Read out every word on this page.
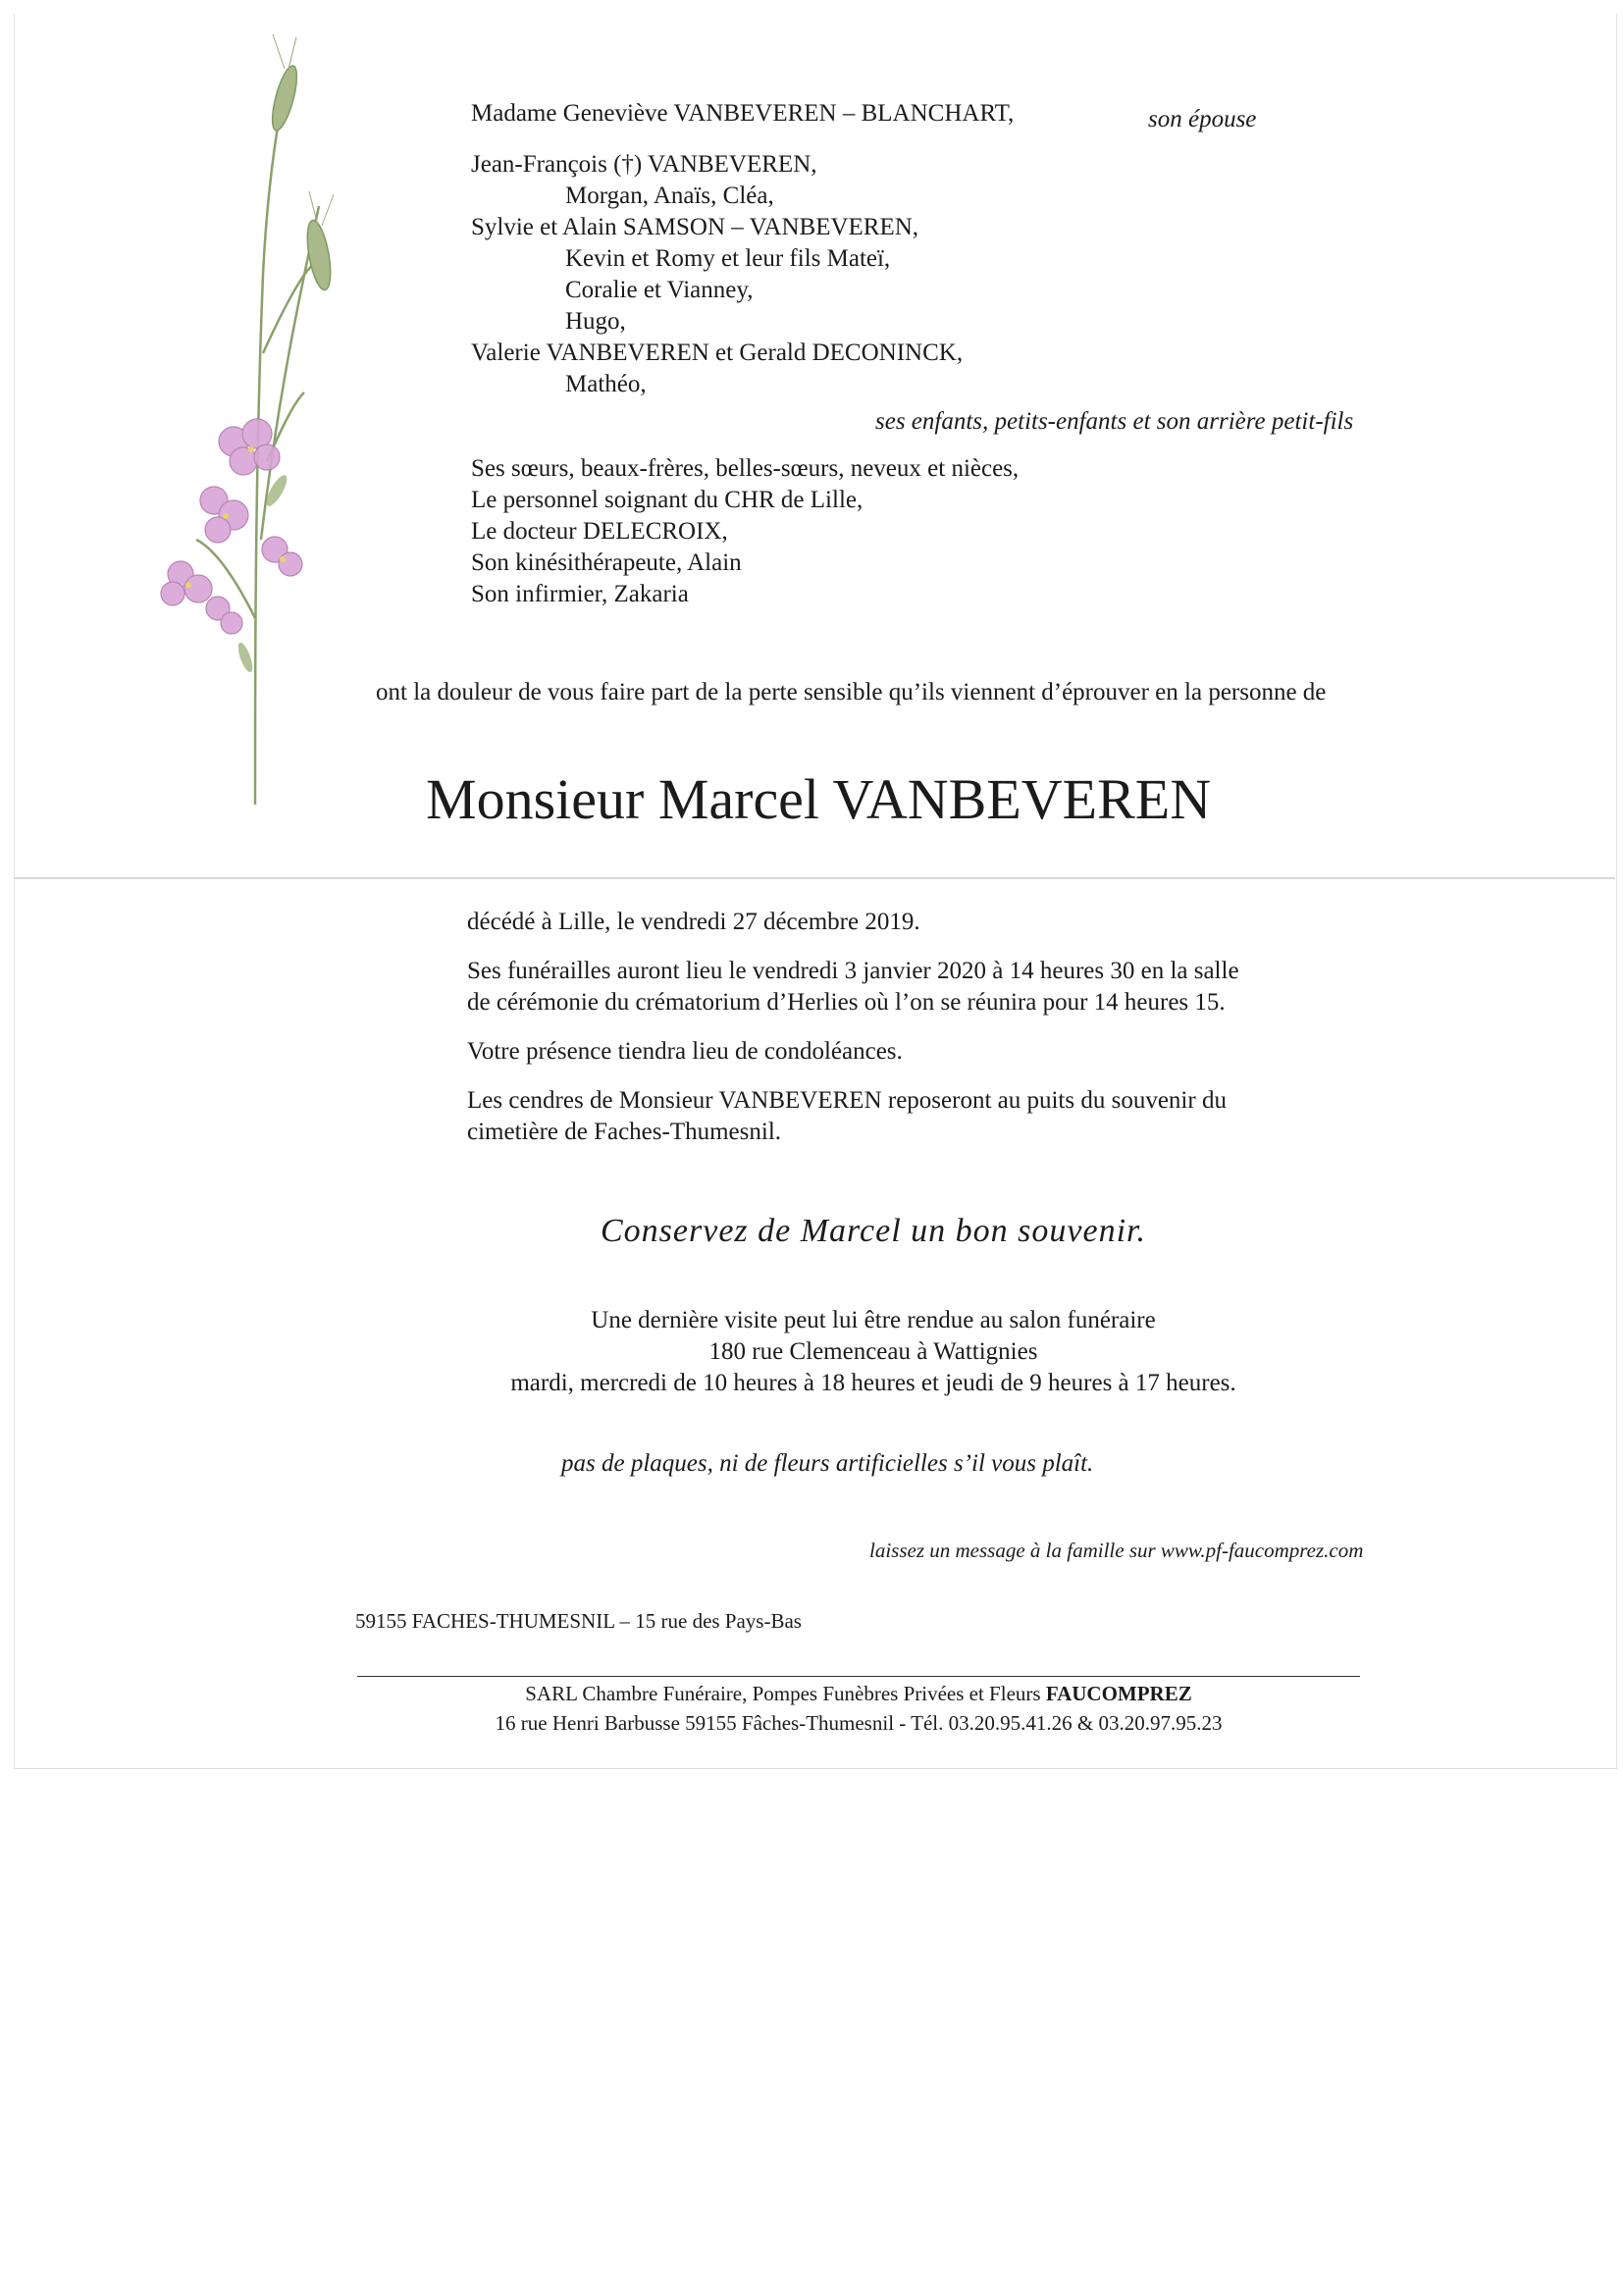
Madame Geneviève VANBEVEREN – BLANCHART,	son épouse
Jean-François (†) VANBEVEREN,
Morgan, Anaïs, Cléa,
Sylvie et Alain SAMSON – VANBEVEREN,
Kevin et Romy et leur fils Mateï,
Coralie et Vianney,
Hugo,
Valerie VANBEVEREN et Gerald DECONINCK,
Mathéo,
ses enfants, petits-enfants et son arrière petit-fils
Ses sœurs, beaux-frères, belles-sœurs, neveux et nièces,
Le personnel soignant du CHR de Lille,
Le docteur DELECROIX,
Son kinésithérapeute, Alain
Son infirmier, Zakaria
ont la douleur de vous faire part de la perte sensible qu’ils viennent d’éprouver en la personne de
Monsieur Marcel VANBEVEREN
décédé à Lille, le vendredi 27 décembre 2019.
Ses funérailles auront lieu le vendredi 3 janvier 2020 à 14 heures 30 en la salle
de cérémonie du crématorium d’Herlies où l’on se réunira pour 14 heures 15.
Votre présence tiendra lieu de condoléances.
Les cendres de Monsieur VANBEVEREN reposeront au puits du souvenir du
cimetière de Faches-Thumesnil.
Conservez de Marcel un bon souvenir.
Une dernière visite peut lui être rendue au salon funéraire
180 rue Clemenceau à Wattignies
mardi, mercredi de 10 heures à 18 heures et jeudi de 9 heures à 17 heures.
pas de plaques, ni de fleurs artificielles s’il vous plaît.
laissez un message à la famille sur www.pf-faucomprez.com
59155 FACHES-THUMESNIL – 15 rue des Pays-Bas
SARL Chambre Funéraire, Pompes Funèbres Privées et Fleurs FAUCOMPREZ
16 rue Henri Barbusse 59155 Fâches-Thumesnil - Tél. 03.20.95.41.26 & 03.20.97.95.23
